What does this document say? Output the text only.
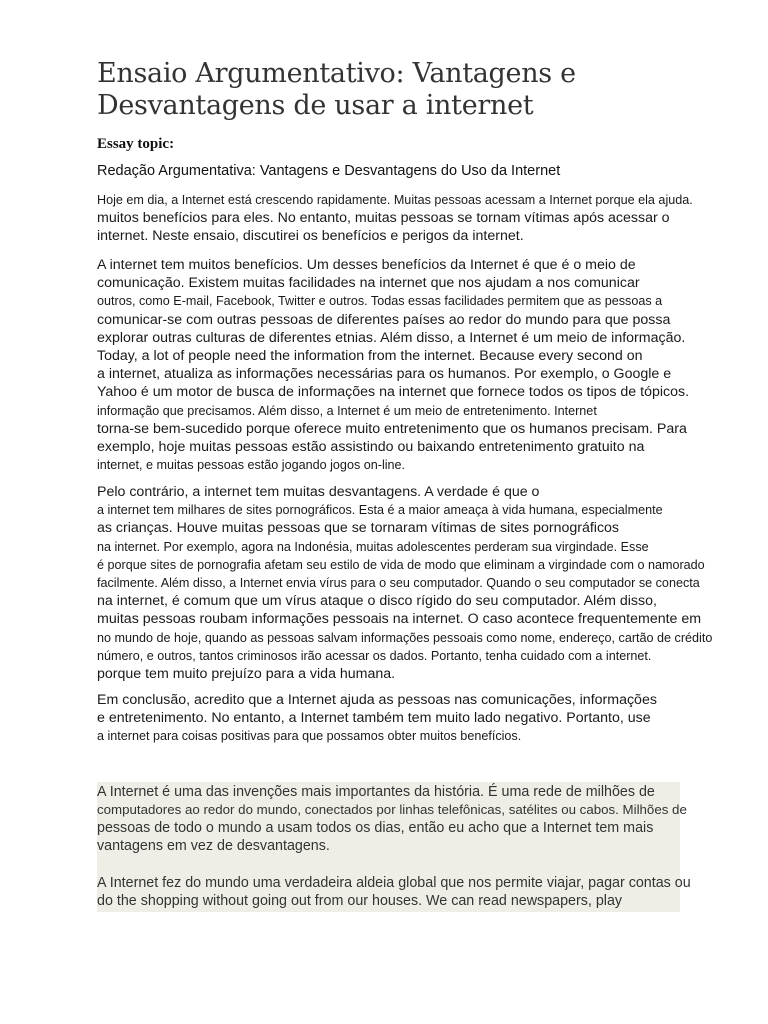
Ensaio Argumentativo: Vantagens e Desvantagens de usar a internet

Essay topic:

Redação Argumentativa: Vantagens e Desvantagens do Uso da Internet

Hoje em dia, a Internet está crescendo rapidamente. Muitas pessoas acessam a Internet porque ela ajuda.
muitos benefícios para eles. No entanto, muitas pessoas se tornam vítimas após acessar o
internet. Neste ensaio, discutirei os benefícios e perigos da internet.

A internet tem muitos benefícios. Um desses benefícios da Internet é que é o meio de
comunicação. Existem muitas facilidades na internet que nos ajudam a nos comunicar
outros, como E-mail, Facebook, Twitter e outros. Todas essas facilidades permitem que as pessoas a
comunicar-se com outras pessoas de diferentes países ao redor do mundo para que possa
explorar outras culturas de diferentes etnias. Além disso, a Internet é um meio de informação.
Today, a lot of people need the information from the internet. Because every second on
a internet, atualiza as informações necessárias para os humanos. Por exemplo, o Google e
Yahoo é um motor de busca de informações na internet que fornece todos os tipos de tópicos.
informação que precisamos. Além disso, a Internet é um meio de entretenimento. Internet
torna-se bem-sucedido porque oferece muito entretenimento que os humanos precisam. Para
exemplo, hoje muitas pessoas estão assistindo ou baixando entretenimento gratuito na
internet, e muitas pessoas estão jogando jogos on-line.

Pelo contrário, a internet tem muitas desvantagens. A verdade é que o
a internet tem milhares de sites pornográficos. Esta é a maior ameaça à vida humana, especialmente
as crianças. Houve muitas pessoas que se tornaram vítimas de sites pornográficos
na internet. Por exemplo, agora na Indonésia, muitas adolescentes perderam sua virgindade. Esse
é porque sites de pornografia afetam seu estilo de vida de modo que eliminam a virgindade com o namorado
facilmente. Além disso, a Internet envia vírus para o seu computador. Quando o seu computador se conecta
na internet, é comum que um vírus ataque o disco rígido do seu computador. Além disso,
muitas pessoas roubam informações pessoais na internet. O caso acontece frequentemente em
no mundo de hoje, quando as pessoas salvam informações pessoais como nome, endereço, cartão de crédito
número, e outros, tantos criminosos irão acessar os dados. Portanto, tenha cuidado com a internet.
porque tem muito prejuízo para a vida humana.

Em conclusão, acredito que a Internet ajuda as pessoas nas comunicações, informações
e entretenimento. No entanto, a Internet também tem muito lado negativo. Portanto, use
a internet para coisas positivas para que possamos obter muitos benefícios.

A Internet é uma das invenções mais importantes da história. É uma rede de milhões de
computadores ao redor do mundo, conectados por linhas telefônicas, satélites ou cabos. Milhões de
pessoas de todo o mundo a usam todos os dias, então eu acho que a Internet tem mais
vantagens em vez de desvantagens.

A Internet fez do mundo uma verdadeira aldeia global que nos permite viajar, pagar contas ou
do the shopping without going out from our houses. We can read newspapers, play
